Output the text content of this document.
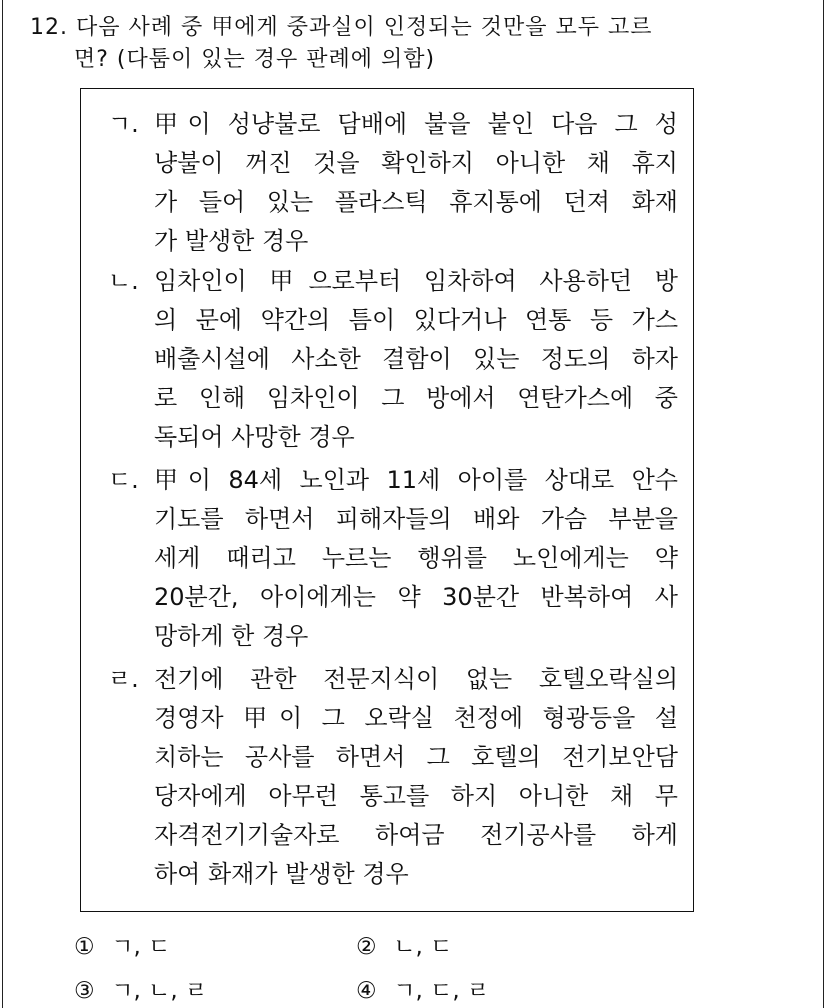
12. 다음 사례 중 甲에게 중과실이 인정되는 것만을 모두 고르
면? (다툼이 있는 경우 판례에 의함)
ㄱ. 甲이 성냥불로 담배에 불을 붙인 다음 그 성
냥불이 꺼진 것을 확인하지 아니한 채 휴지
가 들어 있는 플라스틱 휴지통에 던져 화재
가 발생한 경우
ㄴ. 임차인이 甲으로부터 임차하여 사용하던 방
의 문에 약간의 틈이 있다거나 연통 등 가스
배출시설에 사소한 결함이 있는 정도의 하자
로 인해 임차인이 그 방에서 연탄가스에 중
독되어 사망한 경우
ㄷ. 甲이 84세 노인과 11세 아이를 상대로 안수
기도를 하면서 피해자들의 배와 가슴 부분을
세게 때리고 누르는 행위를 노인에게는 약
20분간, 아이에게는 약 30분간 반복하여 사
망하게 한 경우
ㄹ. 전기에 관한 전문지식이 없는 호텔오락실의
경영자 甲이 그 오락실 천정에 형광등을 설
치하는 공사를 하면서 그 호텔의 전기보안담
당자에게 아무런 통고를 하지 아니한 채 무
자격전기기술자로 하여금 전기공사를 하게
하여 화재가 발생한 경우
① ㄱ, ㄷ	② ㄴ, ㄷ
③ ㄱ, ㄴ, ㄹ	④ ㄱ, ㄷ, ㄹ
